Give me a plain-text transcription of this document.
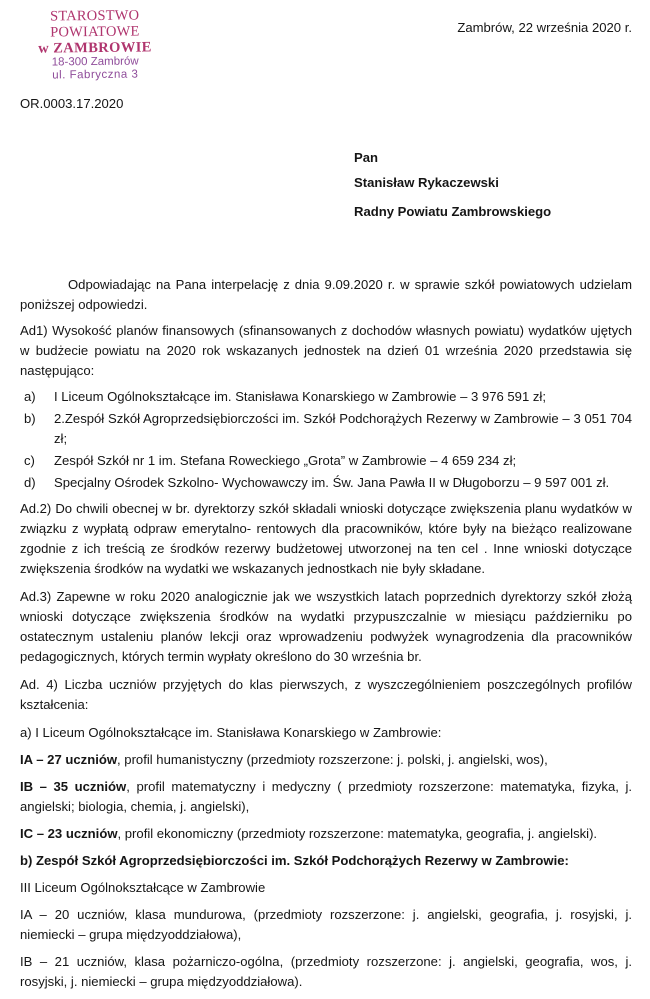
STAROSTWO POWIATOWE
w ZAMBROWIE
18-300 Zambrów
ul. Fabryczna 3
Zambrów, 22 września 2020 r.
OR.0003.17.2020
Pan
Stanisław Rykaczewski
Radny Powiatu Zambrowskiego

Odpowiadając na Pana interpelację z dnia 9.09.2020 r. w sprawie szkół powiatowych udzielam poniższej odpowiedzi.

Ad1) Wysokość planów finansowych (sfinansowanych z dochodów własnych powiatu) wydatków ujętych w budżecie powiatu na 2020 rok wskazanych jednostek na dzień 01 września 2020 przedstawia się następująco:

a)	I Liceum Ogólnokształcące im. Stanisława Konarskiego w Zambrowie – 3 976 591 zł;
b)	2.Zespół Szkół Agroprzedsiębiorczości im. Szkół Podchorążych Rezerwy w Zambrowie – 3 051 704 zł;
c)	Zespół Szkół nr 1 im. Stefana Roweckiego „Grota” w Zambrowie – 4 659 234 zł;
d)	Specjalny Ośrodek Szkolno- Wychowawczy im. Św. Jana Pawła II w Długoborzu – 9 597 001 zł.

Ad.2) Do chwili obecnej w br. dyrektorzy szkół składali wnioski dotyczące zwiększenia planu wydatków w związku z wypłatą odpraw emerytalno- rentowych dla pracowników, które były na bieżąco realizowane zgodnie z ich treścią ze środków rezerwy budżetowej utworzonej na ten cel . Inne wnioski dotyczące zwiększenia środków na wydatki we wskazanych jednostkach nie były składane.

Ad.3) Zapewne w roku 2020 analogicznie jak we wszystkich latach poprzednich dyrektorzy szkół złożą wnioski dotyczące zwiększenia środków na wydatki przypuszczalnie w miesiącu październiku po ostatecznym ustaleniu planów lekcji oraz wprowadzeniu podwyżek wynagrodzenia dla pracowników pedagogicznych, których termin wypłaty określono do 30 września br.

Ad. 4) Liczba uczniów przyjętych do klas pierwszych, z wyszczególnieniem poszczególnych profilów kształcenia:

a) I Liceum Ogólnokształcące im. Stanisława Konarskiego w Zambrowie:

IA – 27 uczniów, profil humanistyczny (przedmioty rozszerzone: j. polski, j. angielski, wos),

IB – 35 uczniów, profil matematyczny i medyczny ( przedmioty rozszerzone: matematyka, fizyka, j. angielski; biologia, chemia, j. angielski),

IC – 23 uczniów, profil ekonomiczny (przedmioty rozszerzone: matematyka, geografia, j. angielski).

b) Zespół Szkół Agroprzedsiębiorczości im. Szkół Podchorążych Rezerwy w Zambrowie:

III Liceum Ogólnokształcące w Zambrowie

IA – 20 uczniów, klasa mundurowa, (przedmioty rozszerzone: j. angielski, geografia, j. rosyjski, j. niemiecki – grupa międzyoddziałowa),

IB – 21 uczniów, klasa pożarniczo-ogólna, (przedmioty rozszerzone: j. angielski, geografia, wos, j. rosyjski, j. niemiecki – grupa międzyoddziałowa).
